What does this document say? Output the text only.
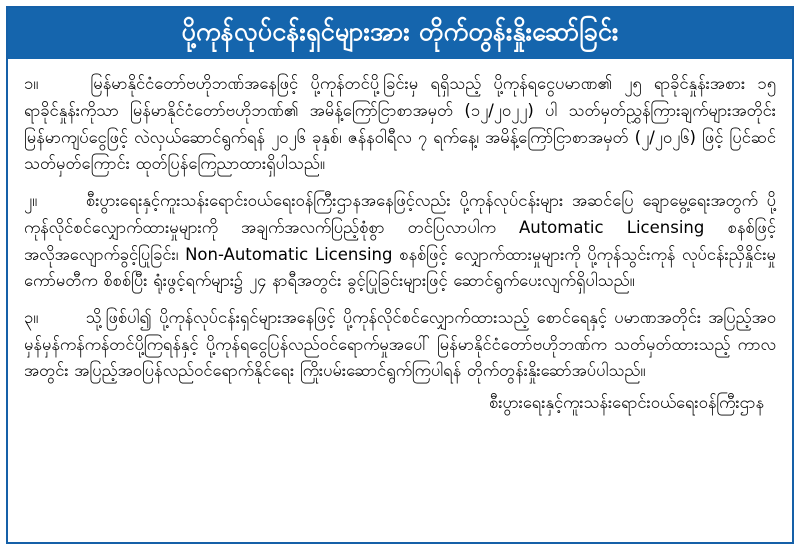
ပို့ကုန်လုပ်ငန်းရှင်များအား တိုက်တွန်းနှိုးဆော်ခြင်း

၁။	မြန်မာနိုင်ငံတော်ဗဟိုဘဏ်အနေဖြင့် ပို့ကုန်တင်ပို့ခြင်းမှ ရရှိသည့် ပို့ကုန်ရငွေပမာဏ၏ ၂၅ ရာခိုင်နှုန်းအစား ၁၅ ရာခိုင်နှုန်းကိုသာ မြန်မာနိုင်ငံတော်ဗဟိုဘဏ်၏ အမိန့်ကြော်ငြာစာအမှတ် (၁၂/၂၀၂၂) ပါ သတ်မှတ်ညွှန်ကြားချက်များအတိုင်း မြန်မာကျပ်ငွေဖြင့် လဲလှယ်ဆောင်ရွက်ရန် ၂၀၂၆ ခုနှစ်၊ ဇန်နဝါရီလ ၇ ရက်နေ့၊ အမိန့်ကြော်ငြာစာအမှတ် (၂/၂၀၂၆) ဖြင့် ပြင်ဆင်သတ်မှတ်ကြောင်း ထုတ်ပြန်ကြေညာထားရှိပါသည်။

၂။	စီးပွားရေးနှင့်ကူးသန်းရောင်းဝယ်ရေးဝန်ကြီးဌာနအနေဖြင့်လည်း ပို့ကုန်လုပ်ငန်းများ အဆင်ပြေ ချောမွေ့ရေးအတွက် ပို့ကုန်လိုင်စင်လျှောက်ထားမှုများကို အချက်အလက်ပြည့်စုံစွာ တင်ပြလာပါက Automatic Licensing စနစ်ဖြင့် အလိုအလျောက်ခွင့်ပြုခြင်း၊ Non-Automatic Licensing စနစ်ဖြင့် လျှောက်ထားမှုများကို ပို့ကုန်သွင်းကုန် လုပ်ငန်းညှိနှိုင်းမှုကော်မတီက စိစစ်ပြီး ရုံးဖွင့်ရက်များ၌ ၂၄ နာရီအတွင်း ခွင့်ပြုခြင်းများဖြင့် ဆောင်ရွက်ပေးလျက်ရှိပါသည်။

၃။	သို့ဖြစ်ပါ၍ ပို့ကုန်လုပ်ငန်းရှင်များအနေဖြင့် ပို့ကုန်လိုင်စင်လျှောက်ထားသည့် စောင်ရေနှင့် ပမာဏအတိုင်း အပြည့်အဝ မှန်မှန်ကန်ကန်တင်ပို့ကြရန်နှင့် ပို့ကုန်ရငွေပြန်လည်ဝင်ရောက်မှုအပေါ် မြန်မာနိုင်ငံတော်ဗဟိုဘဏ်က သတ်မှတ်ထားသည့် ကာလအတွင်း အပြည့်အဝပြန်လည်ဝင်ရောက်နိုင်ရေး ကြိုးပမ်းဆောင်ရွက်ကြပါရန် တိုက်တွန်းနှိုးဆော်အပ်ပါသည်။

စီးပွားရေးနှင့်ကူးသန်းရောင်းဝယ်ရေးဝန်ကြီးဌာန
